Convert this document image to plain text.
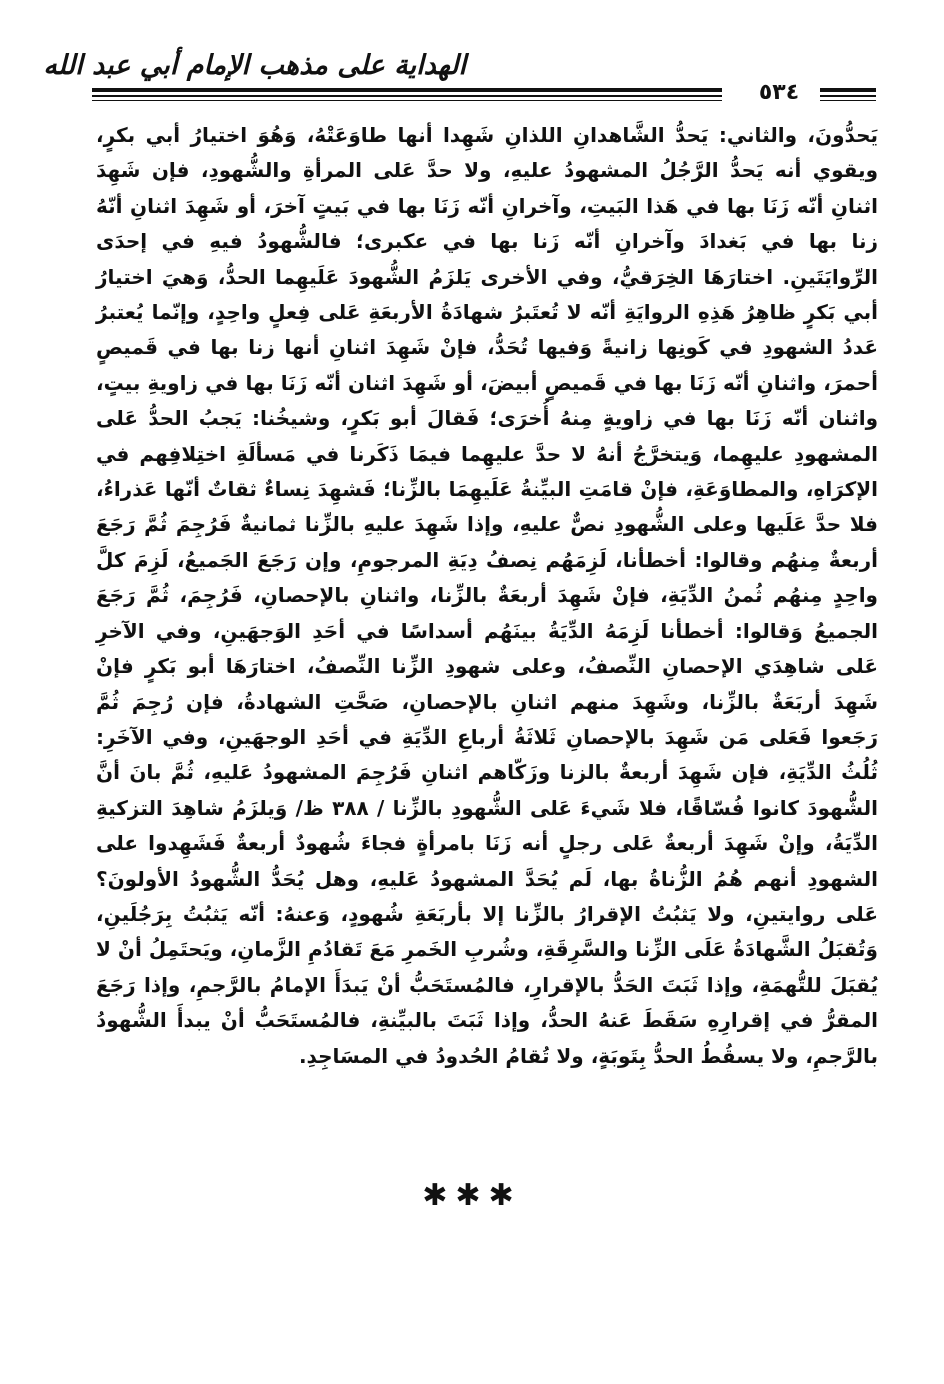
الهداية على مذهب الإمام أبي عبد الله
٥٣٤

يَحدُّونَ، والثاني: يَحدُّ الشَّاهدانِ اللذانِ شَهِدا أنها طاوَعَتْهُ، وَهُوَ اختيارُ أبي بكرٍ، ويقوي أنه يَحدُّ الرَّجُلُ المشهودُ عليهِ، ولا حدَّ عَلى المرأةِ والشُّهودِ، فإن شَهِدَ اثنانِ أنّه زَنَا بها في هَذا البَيتِ، وآخرانِ أنّه زَنَا بها في بَيتٍ آخرَ، أو شَهِدَ اثنانِ أنّهُ زنا بها في بَغدادَ وآخرانِ أنّه زَنا بها في عكبرى؛ فالشُّهودُ فيهِ في إحدَى الرِّوايَتَينِ. اختارَهَا الخِرَقيُّ، وفي الأخرى يَلزَمُ الشُّهودَ عَلَيهِما الحدُّ، وَهيَ اختيارُ أبي بَكرٍ ظاهِرُ هَذِهِ الروايَةِ أنّه لا تُعتَبرُ شهادَةُ الأربعَةِ عَلى فِعلٍ واحِدٍ، وإنّما يُعتبرُ عَددُ الشهودِ في كَونِها زانيةً وَفيها تُحَدُّ، فإنْ شَهِدَ اثنانِ أنها زنا بها في قَميصٍ أحمرَ، واثنانِ أنّه زَنَا بها في قَميصٍ أبيضَ، أو شَهِدَ اثنان أنّه زَنَا بها في زاويةِ بيتٍ، واثنان أنّه زَنَا بها في زاويةٍ مِنهُ أُخرَى؛ فَقالَ أبو بَكرٍ، وشيخُنا: يَجبُ الحدُّ عَلى المشهودِ عليهِما، وَيتخرَّجُ أنهُ لا حدَّ عليهِما فيمَا ذَكَرنا في مَسألَةِ اختِلافِهم في الإكرَاهِ، والمطاوَعَةِ، فإنْ قامَتِ البيِّنةُ عَلَيهِمَا بالزِّنا؛ فَشهِدَ نِساءٌ ثقاتٌ أنّها عَذراءُ، فلا حدَّ عَلَيها وعلى الشُّهودِ نصٌّ عليهِ، وإذا شَهِدَ عليهِ بالزِّنا ثمانيةٌ فَرُجِمَ ثُمَّ رَجَعَ أربعةٌ مِنهُم وقالوا: أخطأنا، لَزِمَهُم نِصفُ دِيَةِ المرجومِ، وإن رَجَعَ الجَميعُ، لَزِمَ كلَّ واحِدٍ مِنهُم ثُمنُ الدِّيَةِ، فإنْ شَهِدَ أربعَةٌ بالزِّنا، واثنانِ بالإحصانِ، فَرُجِمَ، ثُمَّ رَجَعَ الجميعُ وَقالوا: أخطأنا لَزِمَهُ الدِّيَةُ بينَهُم أسداسًا في أحَدِ الوَجهَينِ، وفي الآخرِ عَلى شاهِدَي الإحصانِ النِّصفُ، وعلى شهودِ الزِّنا النِّصفُ، اختارَهَا أبو بَكرٍ فإنْ شَهِدَ أربَعَةٌ بالزِّنا، وشَهِدَ منهم اثنانِ بالإحصانِ، صَحَّتِ الشهادةُ، فإن رُجِمَ ثُمَّ رَجَعوا فَعَلى مَن شَهِدَ بالإحصانِ ثَلاثَةُ أرباعِ الدِّيَةِ في أحَدِ الوجهَينِ، وفي الآخَرِ: ثُلُثُ الدِّيَةِ، فإن شَهِدَ أربعةٌ بالزنا وزَكّاهم اثنانِ فَرُجِمَ المشهودُ عَليهِ، ثُمَّ بانَ أنَّ الشُّهودَ كانوا فُسّاقًا، فلا شَيءَ عَلى الشُّهودِ بالزِّنا / ٣٨٨ ظ/ وَيلزَمُ شاهِدَ التزكيةِ الدِّيَةُ، وإنْ شَهِدَ أربعةٌ عَلى رجلٍ أنه زَنَا بامرأةٍ فجاءَ شُهودٌ أربعةٌ فَشَهِدوا على الشهودِ أنهم هُمُ الزُّناةُ بها، لَم يُحَدَّ المشهودُ عَليهِ، وهل يُحَدُّ الشُّهودُ الأولونَ؟ عَلى روايتينِ، ولا يَثبُتُ الإقرارُ بالزِّنا إلا بأربَعَةِ شُهودٍ، وَعنهُ: أنّه يَثبُتُ بِرَجُلَينِ، وَتُقبَلُ الشَّهادَةُ عَلَى الزِّنا والسَّرِقَةِ، وشُربِ الخَمرِ مَعَ تَقادُمِ الزَّمانِ، ويَحتَمِلُ أنْ لا يُقبَلَ للتُّهمَةِ، وإذا ثَبَتَ الحَدُّ بالإقرارِ، فالمُستَحَبُّ أنْ يَبدَأَ الإمامُ بالرَّجمِ، وإذا رَجَعَ المقرُّ في إقرارِهِ سَقَطَ عَنهُ الحدُّ، وإذا ثَبَتَ بالبيِّنةِ، فالمُستَحَبُّ أنْ يبدأَ الشُّهودُ بالرَّجمِ، ولا يسقُطُ الحدُّ بِتَوبَةٍ، ولا تُقامُ الحُدودُ في المسَاجِدِ.

✱✱✱
